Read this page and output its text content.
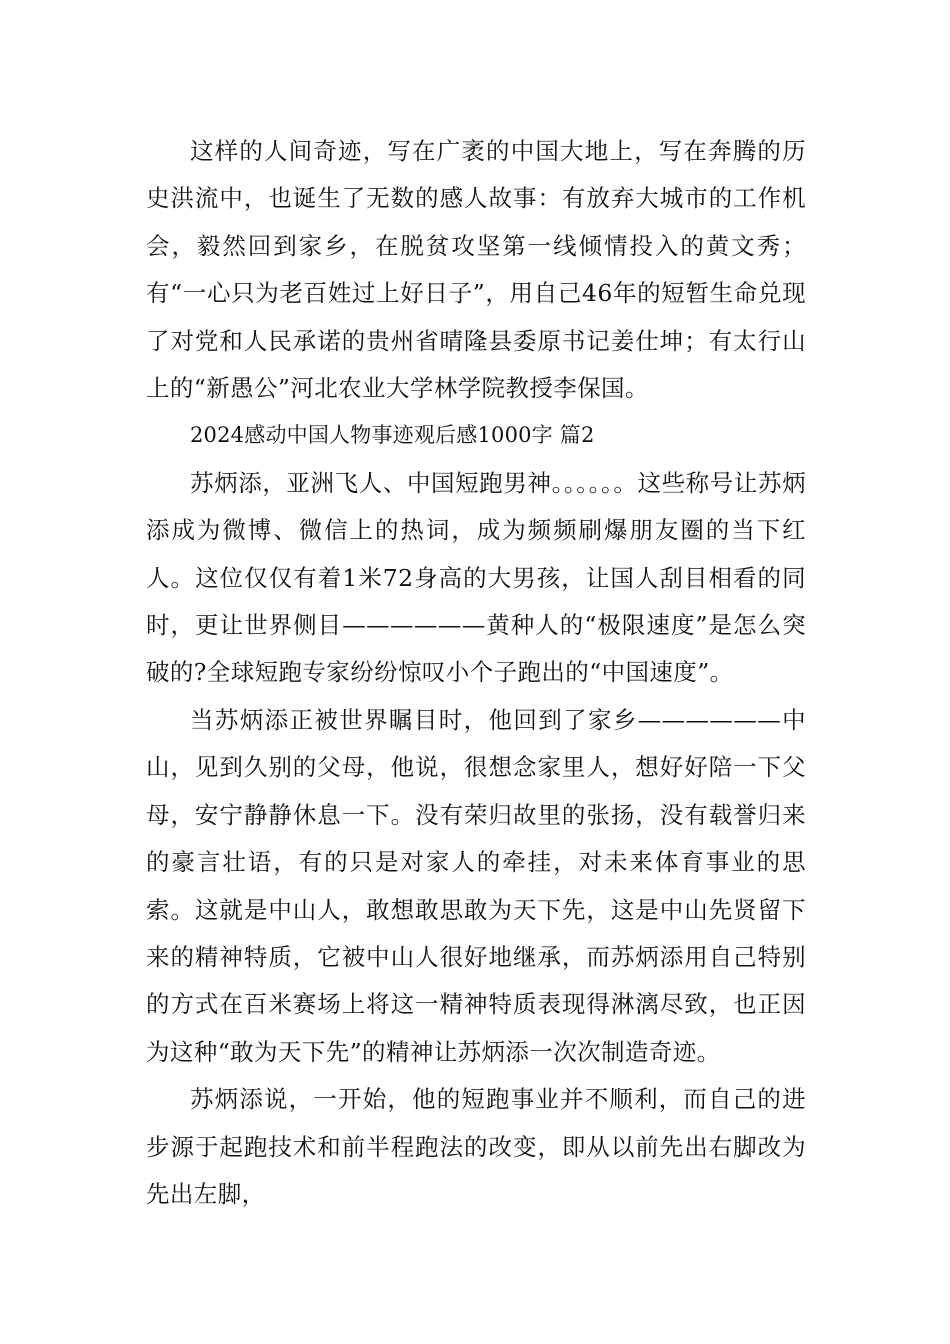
这样的人间奇迹，写在广袤的中国大地上，写在奔腾的历史洪流中，也诞生了无数的感人故事：有放弃大城市的工作机会，毅然回到家乡，在脱贫攻坚第一线倾情投入的黄文秀；有“一心只为老百姓过上好日子”，用自己46年的短暂生命兑现了对党和人民承诺的贵州省晴隆县委原书记姜仕坤；有太行山上的“新愚公”河北农业大学林学院教授李保国。

2024感动中国人物事迹观后感1000字 篇2

苏炳添，亚洲飞人、中国短跑男神。。。。。。这些称号让苏炳添成为微博、微信上的热词，成为频频刷爆朋友圈的当下红人。这位仅仅有着1米72身高的大男孩，让国人刮目相看的同时，更让世界侧目——————黄种人的“极限速度”是怎么突破的?全球短跑专家纷纷惊叹小个子跑出的“中国速度”。

当苏炳添正被世界瞩目时，他回到了家乡——————中山，见到久别的父母，他说，很想念家里人，想好好陪一下父母，安宁静静休息一下。没有荣归故里的张扬，没有载誉归来的豪言壮语，有的只是对家人的牵挂，对未来体育事业的思索。这就是中山人，敢想敢思敢为天下先，这是中山先贤留下来的精神特质，它被中山人很好地继承，而苏炳添用自己特别的方式在百米赛场上将这一精神特质表现得淋漓尽致，也正因为这种“敢为天下先”的精神让苏炳添一次次制造奇迹。

苏炳添说，一开始，他的短跑事业并不顺利，而自己的进步源于起跑技术和前半程跑法的改变，即从以前先出右脚改为先出左脚，
